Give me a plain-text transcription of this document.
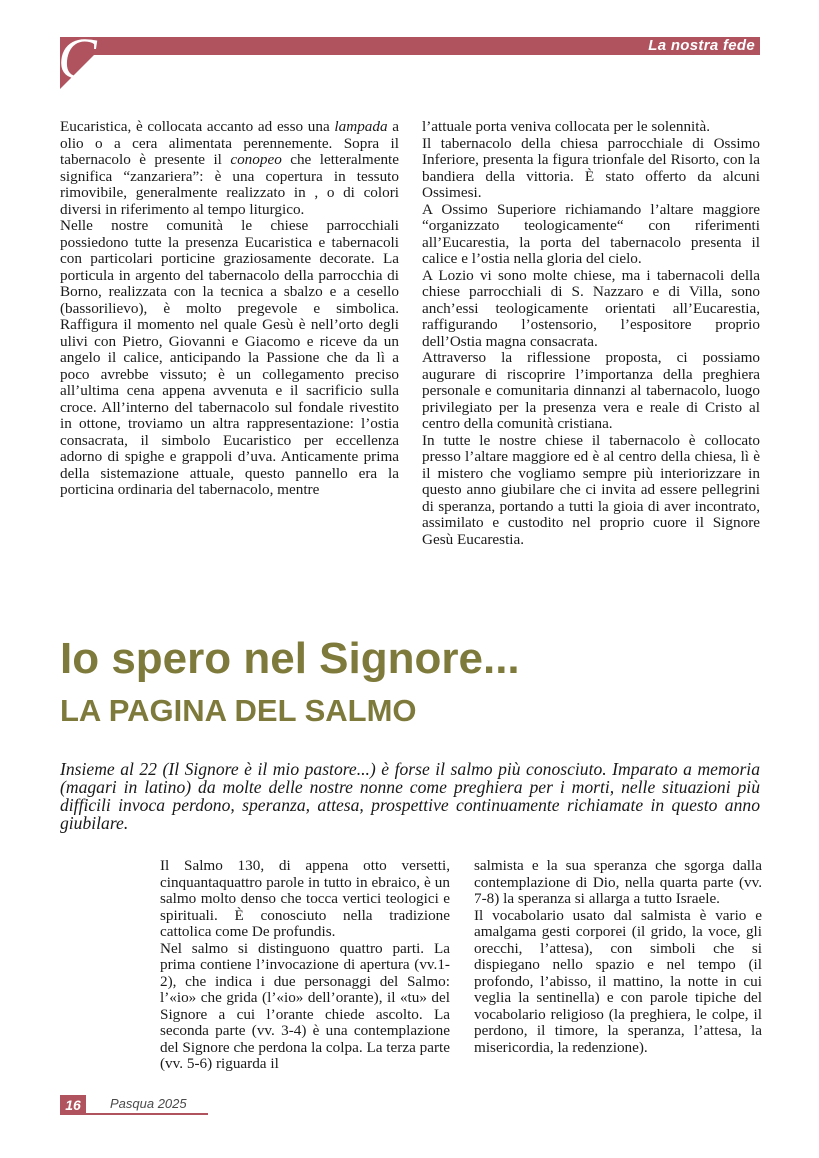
C	La nostra fede

Eucaristica, è collocata accanto ad esso una lampada a olio o a cera alimentata perennemente. Sopra il tabernacolo è presente il conopeo che letteralmente significa “zanzariera”: è una copertura in tessuto rimovibile, generalmente realizzato in , o di colori diversi in riferimento al tempo liturgico.

Nelle nostre comunità le chiese parrocchiali possiedono tutte la presenza Eucaristica e tabernacoli con particolari porticine graziosamente decorate. La porticula in argento del tabernacolo della parrocchia di Borno, realizzata con la tecnica a sbalzo e a cesello (bassorilievo), è molto pregevole e simbolica. Raffigura il momento nel quale Gesù è nell’orto degli ulivi con Pietro, Giovanni e Giacomo e riceve da un angelo il calice, anticipando la Passione che da lì a poco avrebbe vissuto; è un collegamento preciso all’ultima cena appena avvenuta e il sacrificio sulla croce. All’interno del tabernacolo sul fondale rivestito in ottone, troviamo un altra rappresentazione: l’ostia consacrata, il simbolo Eucaristico per eccellenza adorno di spighe e grappoli d’uva. Anticamente prima della sistemazione attuale, questo pannello era la porticina ordinaria del tabernacolo, mentre

l’attuale porta veniva collocata per le solennità.

Il tabernacolo della chiesa parrocchiale di Ossimo Inferiore, presenta la figura trionfale del Risorto, con la bandiera della vittoria. È stato offerto da alcuni Ossimesi.

A Ossimo Superiore richiamando l’altare maggiore “organizzato teologicamente“ con riferimenti all’Eucarestia, la porta del tabernacolo presenta il calice e l’ostia nella gloria del cielo.

A Lozio vi sono molte chiese, ma i tabernacoli della chiese parrocchiali di S. Nazzaro e di Villa, sono anch’essi teologicamente orientati all’Eucarestia, raffigurando l’ostensorio, l’espositore proprio dell’Ostia magna consacrata.

Attraverso la riflessione proposta, ci possiamo augurare di riscoprire l’importanza della preghiera personale e comunitaria dinnanzi al tabernacolo, luogo privilegiato per la presenza vera e reale di Cristo al centro della comunità cristiana.

In tutte le nostre chiese il tabernacolo è collocato presso l’altare maggiore ed è al centro della chiesa, lì è il mistero che vogliamo sempre più interiorizzare in questo anno giubilare che ci invita ad essere pellegrini di speranza, portando a tutti la gioia di aver incontrato, assimilato e custodito nel proprio cuore il Signore Gesù Eucarestia.

Io spero nel Signore...
LA PAGINA DEL SALMO
Insieme al 22 (Il Signore è il mio pastore...) è forse il salmo più conosciuto. Imparato a memoria (magari in latino) da molte delle nostre nonne come preghiera per i morti, nelle situazioni più difficili invoca perdono, speranza, attesa, prospettive continuamente richiamate in questo anno giubilare.

Il Salmo 130, di appena otto versetti, cinquantaquattro parole in tutto in ebraico, è un salmo molto denso che tocca vertici teologici e spirituali. È conosciuto nella tradizione cattolica come De profundis.

Nel salmo si distinguono quattro parti. La prima contiene l’invocazione di apertura (vv.1-2), che indica i due personaggi del Salmo: l’«io» che grida (l’«io» dell’orante), il «tu» del Signore a cui l’orante chiede ascolto. La seconda parte (vv. 3-4) è una contemplazione del Signore che perdona la colpa. La terza parte (vv. 5-6) riguarda il

salmista e la sua speranza che sgorga dalla contemplazione di Dio, nella quarta parte (vv. 7-8) la speranza si allarga a tutto Israele.

Il vocabolario usato dal salmista è vario e amalgama gesti corporei (il grido, la voce, gli orecchi, l’attesa), con simboli che si dispiegano nello spazio e nel tempo (il profondo, l’abisso, il mattino, la notte in cui veglia la sentinella) e con parole tipiche del vocabolario religioso (la preghiera, le colpe, il perdono, il timore, la speranza, l’attesa, la misericordia, la redenzione).

16	Pasqua 2025
